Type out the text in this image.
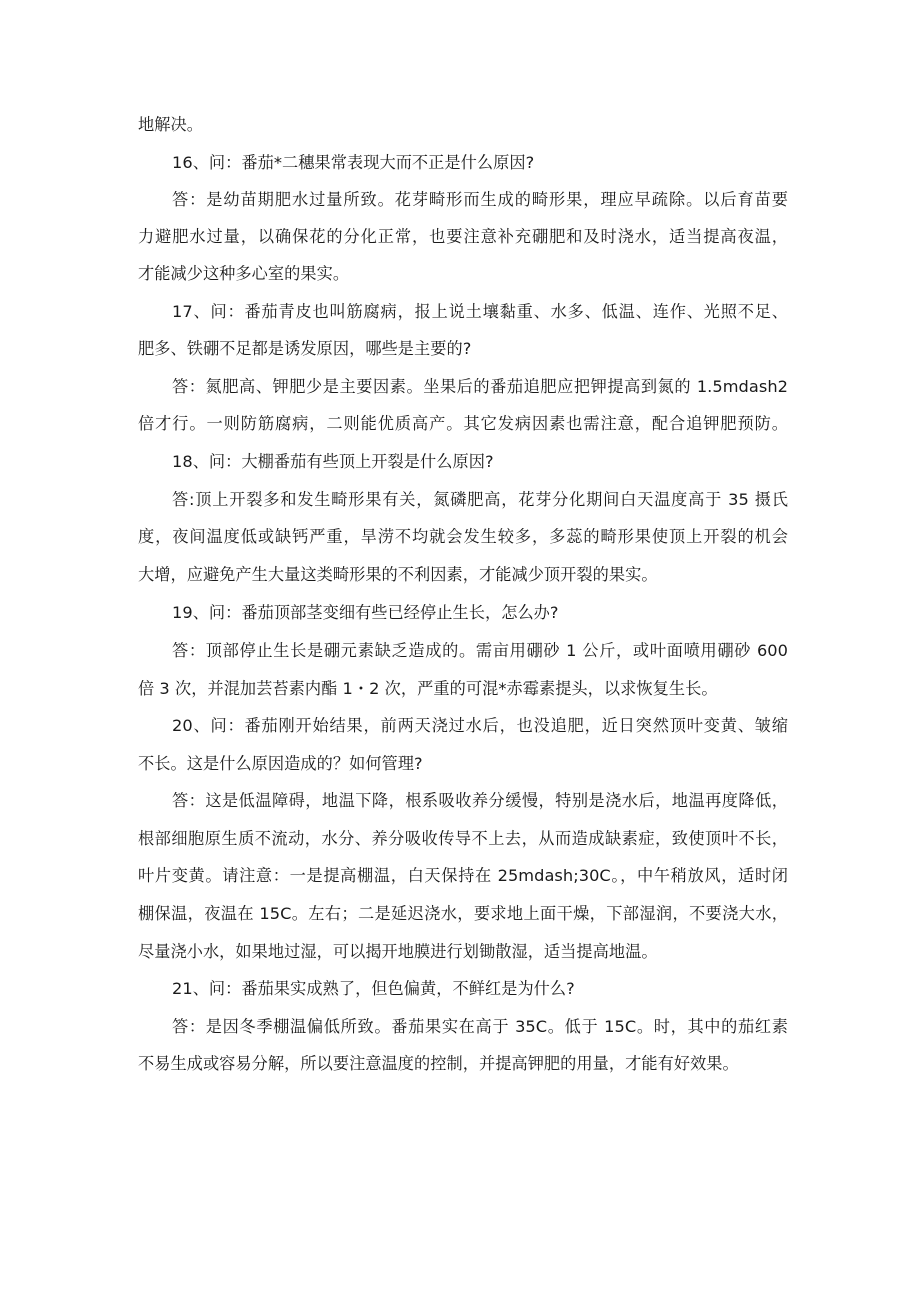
地解决。
16、问：番茄*二穗果常表现大而不正是什么原因?
答：是幼苗期肥水过量所致。花芽畸形而生成的畸形果，理应早疏除。以后育苗要
力避肥水过量，以确保花的分化正常，也要注意补充硼肥和及时浇水，适当提高夜温，
才能减少这种多心室的果实。
17、问：番茄青皮也叫筋腐病，报上说土壤黏重、水多、低温、连作、光照不足、
肥多、铁硼不足都是诱发原因，哪些是主要的?
答：氮肥高、钾肥少是主要因素。坐果后的番茄追肥应把钾提高到氮的 1.5mdash2
倍才行。一则防筋腐病，二则能优质高产。其它发病因素也需注意，配合追钾肥预防。
18、问：大棚番茄有些顶上开裂是什么原因?
答:顶上开裂多和发生畸形果有关，氮磷肥高，花芽分化期间白天温度高于 35 摄氏
度，夜间温度低或缺钙严重，旱涝不均就会发生较多，多蕊的畸形果使顶上开裂的机会
大增，应避免产生大量这类畸形果的不利因素，才能减少顶开裂的果实。
19、问：番茄顶部茎变细有些已经停止生长，怎么办?
答：顶部停止生长是硼元素缺乏造成的。需亩用硼砂 1 公斤，或叶面喷用硼砂 600
倍 3 次，并混加芸苔素内酯 1・2 次，严重的可混*赤霉素提头，以求恢复生长。
20、问：番茄刚开始结果，前两天浇过水后，也没追肥，近日突然顶叶变黄、皱缩
不长。这是什么原因造成的？如何管理?
答：这是低温障碍，地温下降，根系吸收养分缓慢，特别是浇水后，地温再度降低，
根部细胞原生质不流动，水分、养分吸收传导不上去，从而造成缺素症，致使顶叶不长，
叶片变黄。请注意：一是提高棚温，白天保持在 25mdash;30C。，中午稍放风，适时闭
棚保温，夜温在 15C。左右；二是延迟浇水，要求地上面干燥，下部湿润，不要浇大水，
尽量浇小水，如果地过湿，可以揭开地膜进行划锄散湿，适当提高地温。
21、问：番茄果实成熟了，但色偏黄，不鲜红是为什么?
答：是因冬季棚温偏低所致。番茄果实在高于 35C。低于 15C。时，其中的茄红素
不易生成或容易分解，所以要注意温度的控制，并提高钾肥的用量，才能有好效果。
